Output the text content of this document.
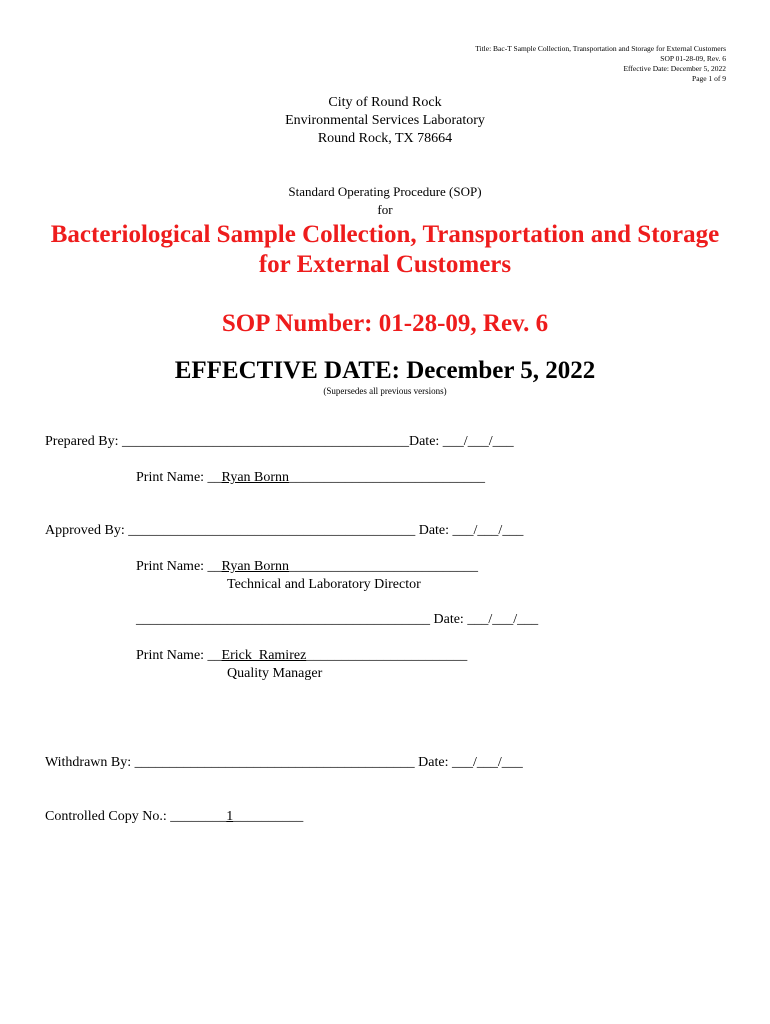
Title: Bac-T Sample Collection, Transportation and Storage for External Customers
SOP 01-28-09, Rev. 6
Effective Date: December 5, 2022
Page 1 of 9
City of Round Rock
Environmental Services Laboratory
Round Rock, TX 78664
Standard Operating Procedure (SOP)
for
Bacteriological Sample Collection, Transportation and Storage
for External Customers
SOP Number: 01-28-09, Rev. 6
EFFECTIVE DATE: December 5, 2022
(Supersedes all previous versions)
Prepared By: _________________________________________Date: ___/___/___
Print Name: __Ryan Bornn____________________________
Approved By: _________________________________________ Date: ___/___/___
Print Name: __Ryan Bornn___________________________
Technical and Laboratory Director
__________________________________________ Date: ___/___/___
Print Name: __Erick  Ramirez_______________________
Quality Manager
Withdrawn By: ________________________________________ Date: ___/___/___
Controlled Copy No.: ________1__________
